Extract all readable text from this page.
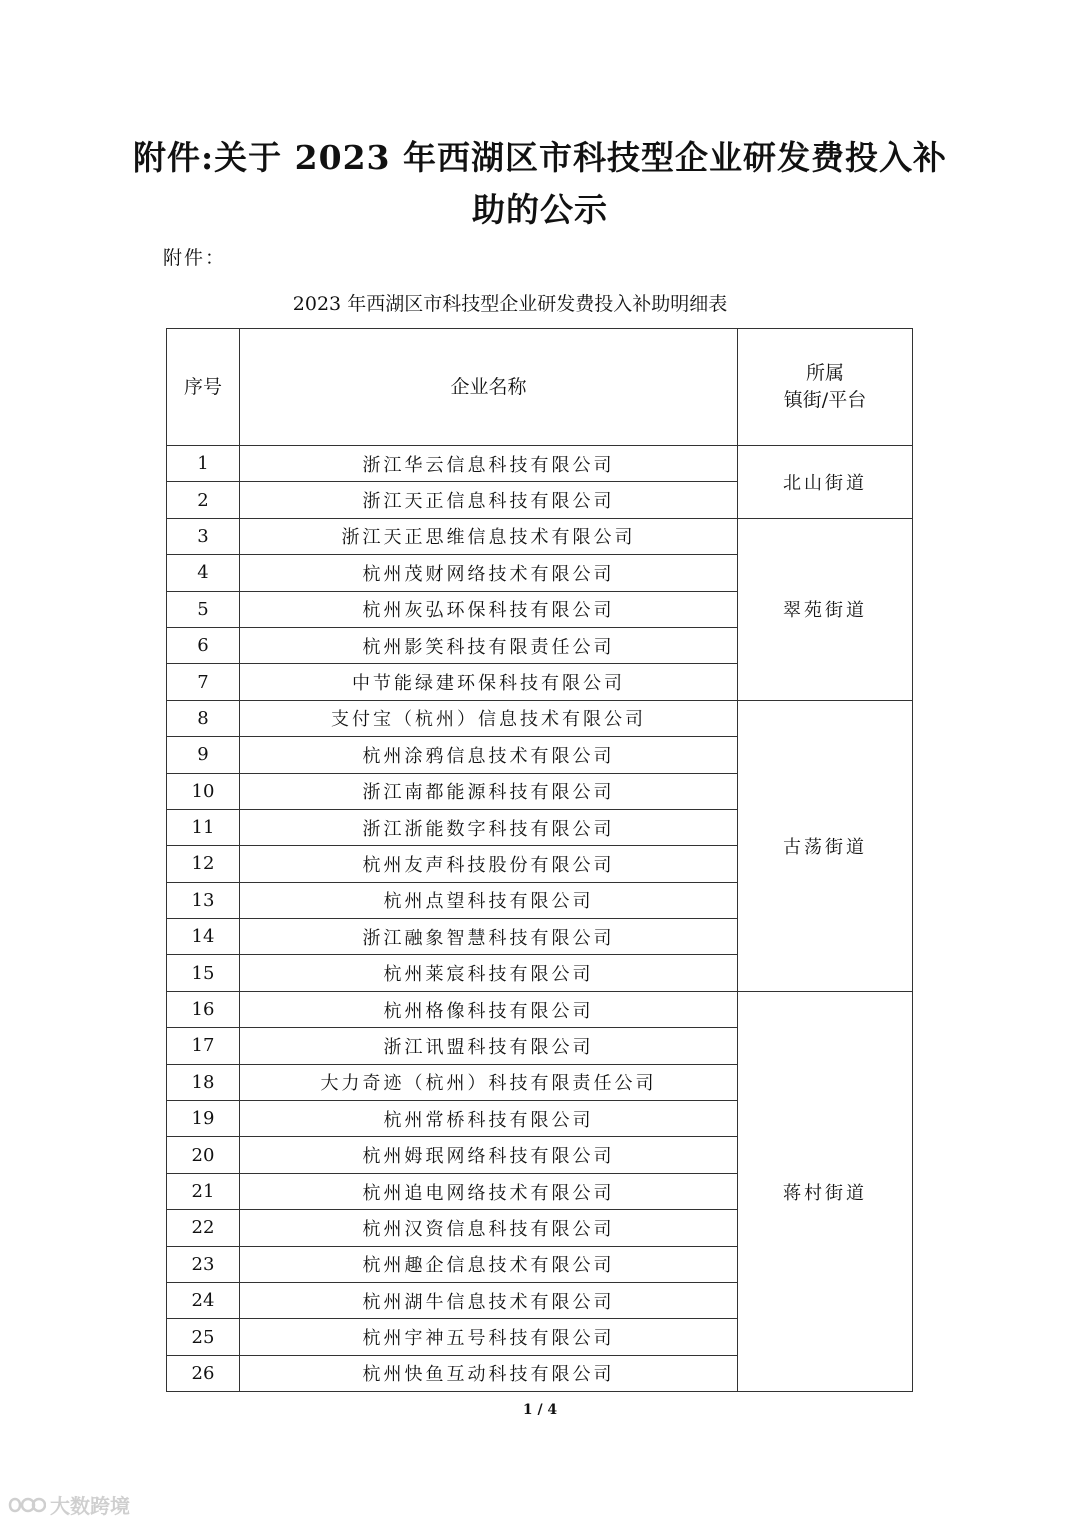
附件:关于 2023 年西湖区市科技型企业研发费投入补
助的公示
附件：
2023 年西湖区市科技型企业研发费投入补助明细表
序号	企业名称	所属
镇街/平台

1	浙江华云信息科技有限公司	北山街道
2	浙江天正信息科技有限公司	
3	浙江天正思维信息技术有限公司	翠苑街道
4	杭州茂财网络技术有限公司	
5	杭州灰弘环保科技有限公司	
6	杭州影笑科技有限责任公司	
7	中节能绿建环保科技有限公司	
8	支付宝（杭州）信息技术有限公司	古荡街道
9	杭州涂鸦信息技术有限公司	
10	浙江南都能源科技有限公司	
11	浙江浙能数字科技有限公司	
12	杭州友声科技股份有限公司	
13	杭州点望科技有限公司	
14	浙江融象智慧科技有限公司	
15	杭州莱宸科技有限公司	
16	杭州格像科技有限公司	蒋村街道
17	浙江讯盟科技有限公司	
18	大力奇迹（杭州）科技有限责任公司	
19	杭州常桥科技有限公司	
20	杭州姆珉网络科技有限公司	
21	杭州追电网络技术有限公司	
22	杭州汉资信息科技有限公司	
23	杭州趣企信息技术有限公司	
24	杭州湖牛信息技术有限公司	
25	杭州宇神五号科技有限公司	
26	杭州快鱼互动科技有限公司	
1 / 4
大数跨境
